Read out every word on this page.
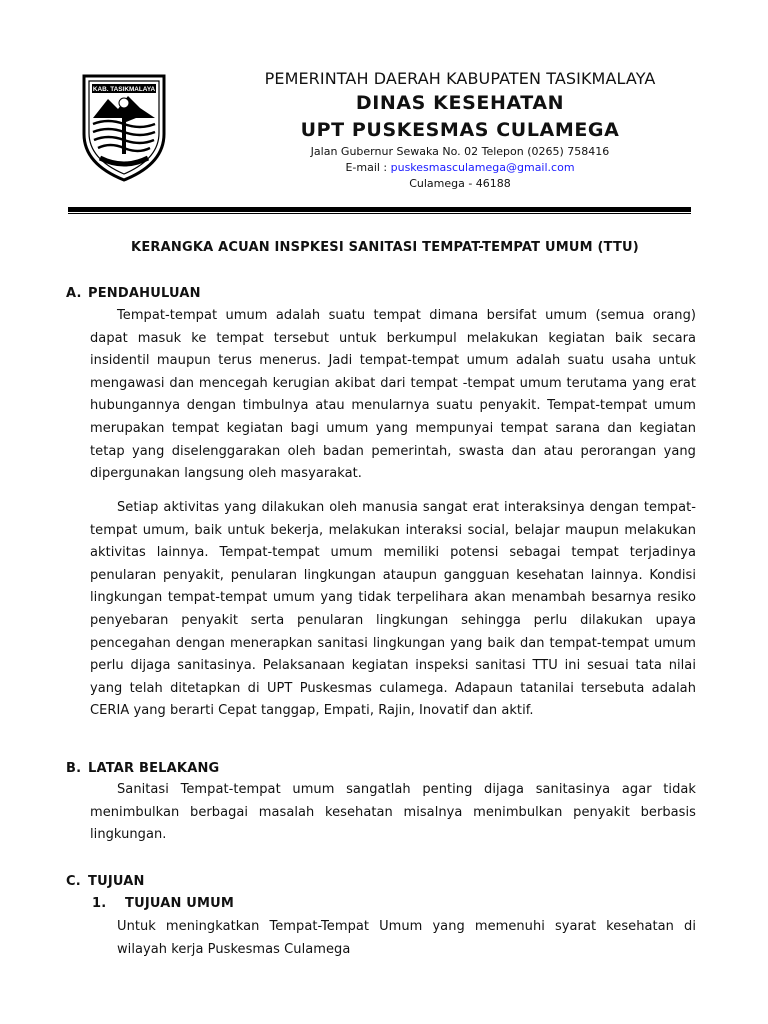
KAB. TASIKMALAYA
PEMERINTAH DAERAH KABUPATEN TASIKMALAYA
DINAS KESEHATAN
UPT PUSKESMAS CULAMEGA
Jalan Gubernur Sewaka No. 02 Telepon (0265) 758416
E-mail : puskesmasculamega@gmail.com
Culamega - 46188
KERANGKA ACUAN INSPKESI SANITASI TEMPAT-TEMPAT UMUM (TTU)
A. PENDAHULUAN
Tempat-tempat umum adalah suatu tempat dimana bersifat umum (semua orang) dapat masuk ke tempat tersebut untuk berkumpul melakukan kegiatan baik secara insidentil maupun terus menerus. Jadi tempat-tempat umum adalah suatu usaha untuk mengawasi dan mencegah kerugian akibat dari tempat -tempat umum terutama yang erat hubungannya dengan timbulnya atau menularnya suatu penyakit. Tempat-tempat umum merupakan tempat kegiatan bagi umum yang mempunyai tempat sarana dan kegiatan tetap yang diselenggarakan oleh badan pemerintah, swasta dan atau perorangan yang dipergunakan langsung oleh masyarakat.
Setiap aktivitas yang dilakukan oleh manusia sangat erat interaksinya dengan tempat-tempat umum, baik untuk bekerja, melakukan interaksi social, belajar maupun melakukan aktivitas lainnya. Tempat-tempat umum memiliki potensi sebagai tempat terjadinya penularan penyakit, penularan lingkungan ataupun gangguan kesehatan lainnya. Kondisi lingkungan tempat-tempat umum yang tidak terpelihara akan menambah besarnya resiko penyebaran penyakit serta penularan lingkungan sehingga perlu dilakukan upaya pencegahan dengan menerapkan sanitasi lingkungan yang baik dan tempat-tempat umum perlu dijaga sanitasinya. Pelaksanaan kegiatan inspeksi sanitasi TTU ini sesuai tata nilai yang telah ditetapkan di UPT Puskesmas culamega. Adapaun tatanilai tersebuta adalah CERIA yang berarti Cepat tanggap, Empati, Rajin, Inovatif dan aktif.
B. LATAR BELAKANG
Sanitasi Tempat-tempat umum sangatlah penting dijaga sanitasinya agar tidak menimbulkan berbagai masalah kesehatan misalnya menimbulkan penyakit berbasis lingkungan.
C. TUJUAN
1. TUJUAN UMUM
Untuk meningkatkan Tempat-Tempat Umum yang memenuhi syarat kesehatan di wilayah kerja Puskesmas Culamega
